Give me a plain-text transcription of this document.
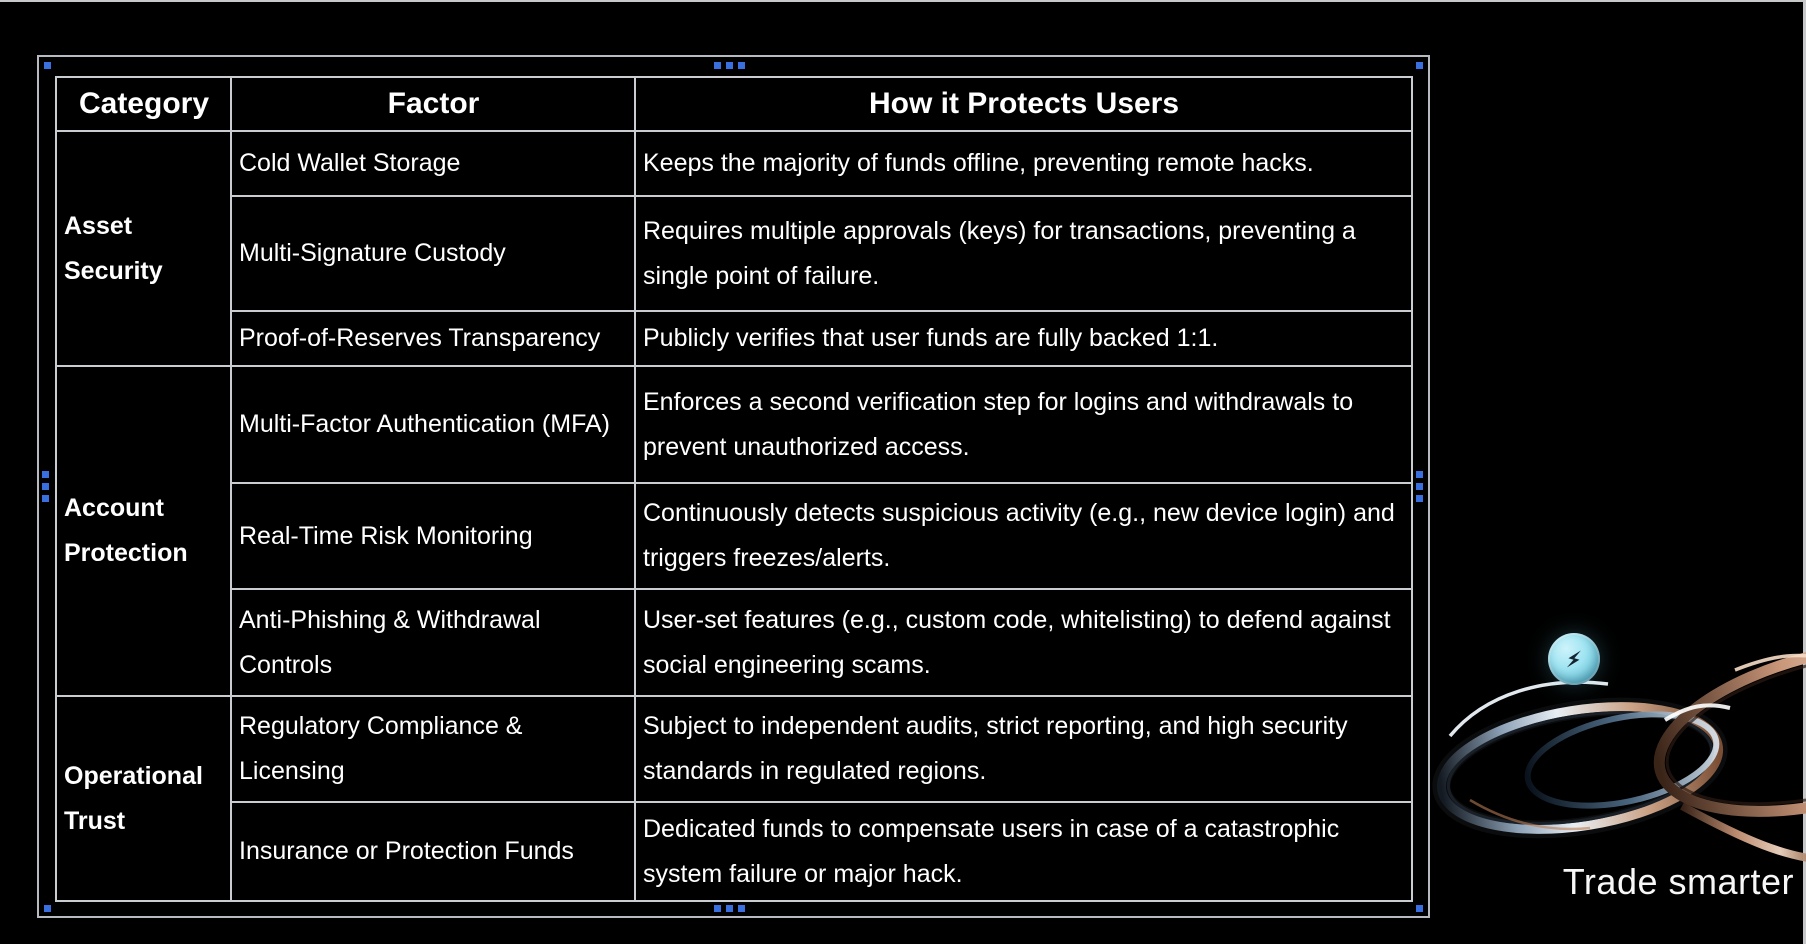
Category	Factor	How it Protects Users
Asset Security	Cold Wallet Storage	Keeps the majority of funds offline, preventing remote hacks.
	Multi-Signature Custody	Requires multiple approvals (keys) for transactions, preventing a single point of failure.
	Proof-of-Reserves Transparency	Publicly verifies that user funds are fully backed 1:1.
Account Protection	Multi-Factor Authentication (MFA)	Enforces a second verification step for logins and withdrawals to prevent unauthorized access.
	Real-Time Risk Monitoring	Continuously detects suspicious activity (e.g., new device login) and triggers freezes/alerts.
	Anti-Phishing & Withdrawal Controls	User-set features (e.g., custom code, whitelisting) to defend against social engineering scams.
Operational Trust	Regulatory Compliance & Licensing	Subject to independent audits, strict reporting, and high security standards in regulated regions.
	Insurance or Protection Funds	Dedicated funds to compensate users in case of a catastrophic system failure or major hack.	Trade smarter
